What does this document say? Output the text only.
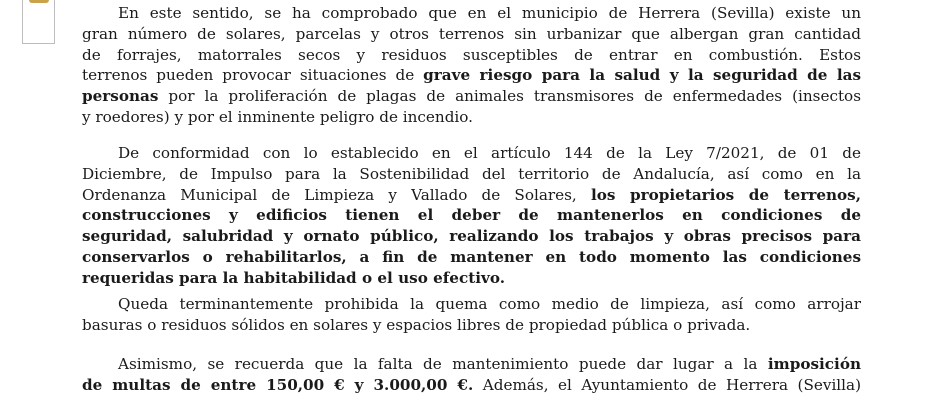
En este sentido, se ha comprobado que en el municipio de Herrera (Sevilla) existe un
gran número de solares, parcelas y otros terrenos sin urbanizar que albergan gran cantidad
de forrajes, matorrales secos y residuos susceptibles de entrar en combustión. Estos
terrenos pueden provocar situaciones de grave riesgo para la salud y la seguridad de las
personas por la proliferación de plagas de animales transmisores de enfermedades (insectos
y roedores) y por el inminente peligro de incendio.
De conformidad con lo establecido en el artículo 144 de la Ley 7/2021, de 01 de
Diciembre, de Impulso para la Sostenibilidad del territorio de Andalucía, así como en la
Ordenanza Municipal de Limpieza y Vallado de Solares, los propietarios de terrenos,
construcciones y edificios tienen el deber de mantenerlos en condiciones de
seguridad, salubridad y ornato público, realizando los trabajos y obras precisos para
conservarlos o rehabilitarlos, a fin de mantener en todo momento las condiciones
requeridas para la habitabilidad o el uso efectivo.
Queda terminantemente prohibida la quema como medio de limpieza, así como arrojar
basuras o residuos sólidos en solares y espacios libres de propiedad pública o privada.
Asimismo, se recuerda que la falta de mantenimiento puede dar lugar a la imposición
de multas de entre 150,00 € y 3.000,00 €. Además, el Ayuntamiento de Herrera (Sevilla)
